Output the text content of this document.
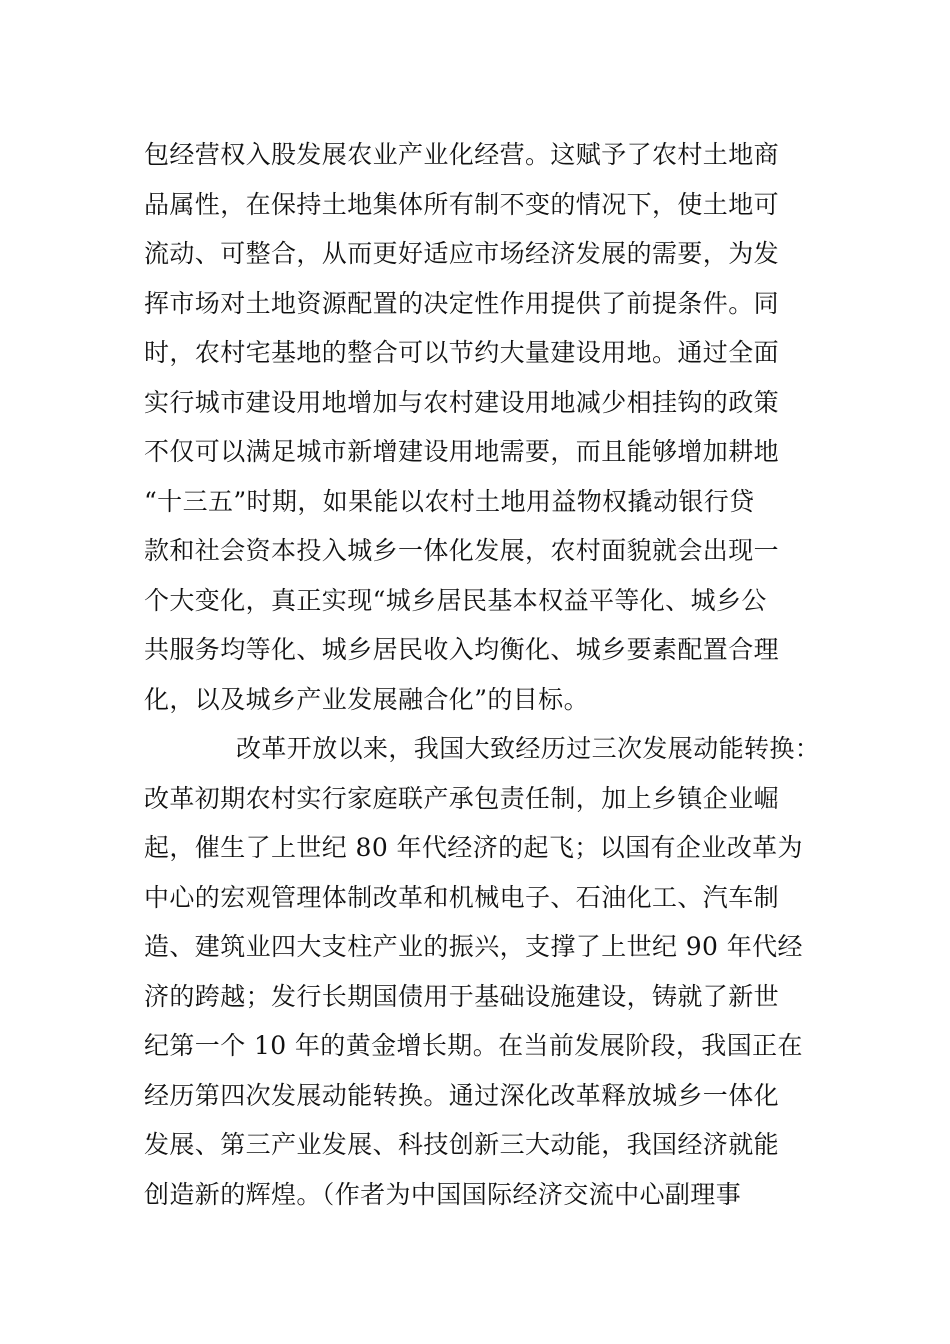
包经营权入股发展农业产业化经营。这赋予了农村土地商
品属性，在保持土地集体所有制不变的情况下，使土地可
流动、可整合，从而更好适应市场经济发展的需要，为发
挥市场对土地资源配置的决定性作用提供了前提条件。同
时，农村宅基地的整合可以节约大量建设用地。通过全面
实行城市建设用地增加与农村建设用地减少相挂钩的政策
不仅可以满足城市新增建设用地需要，而且能够增加耕地
“十三五”时期，如果能以农村土地用益物权撬动银行贷
款和社会资本投入城乡一体化发展，农村面貌就会出现一
个大变化，真正实现“城乡居民基本权益平等化、城乡公
共服务均等化、城乡居民收入均衡化、城乡要素配置合理
化，以及城乡产业发展融合化”的目标。
改革开放以来，我国大致经历过三次发展动能转换：
改革初期农村实行家庭联产承包责任制，加上乡镇企业崛
起，催生了上世纪 80 年代经济的起飞；以国有企业改革为
中心的宏观管理体制改革和机械电子、石油化工、汽车制
造、建筑业四大支柱产业的振兴，支撑了上世纪 90 年代经
济的跨越；发行长期国债用于基础设施建设，铸就了新世
纪第一个 10 年的黄金增长期。在当前发展阶段，我国正在
经历第四次发展动能转换。通过深化改革释放城乡一体化
发展、第三产业发展、科技创新三大动能，我国经济就能
创造新的辉煌。（作者为中国国际经济交流中心副理事
